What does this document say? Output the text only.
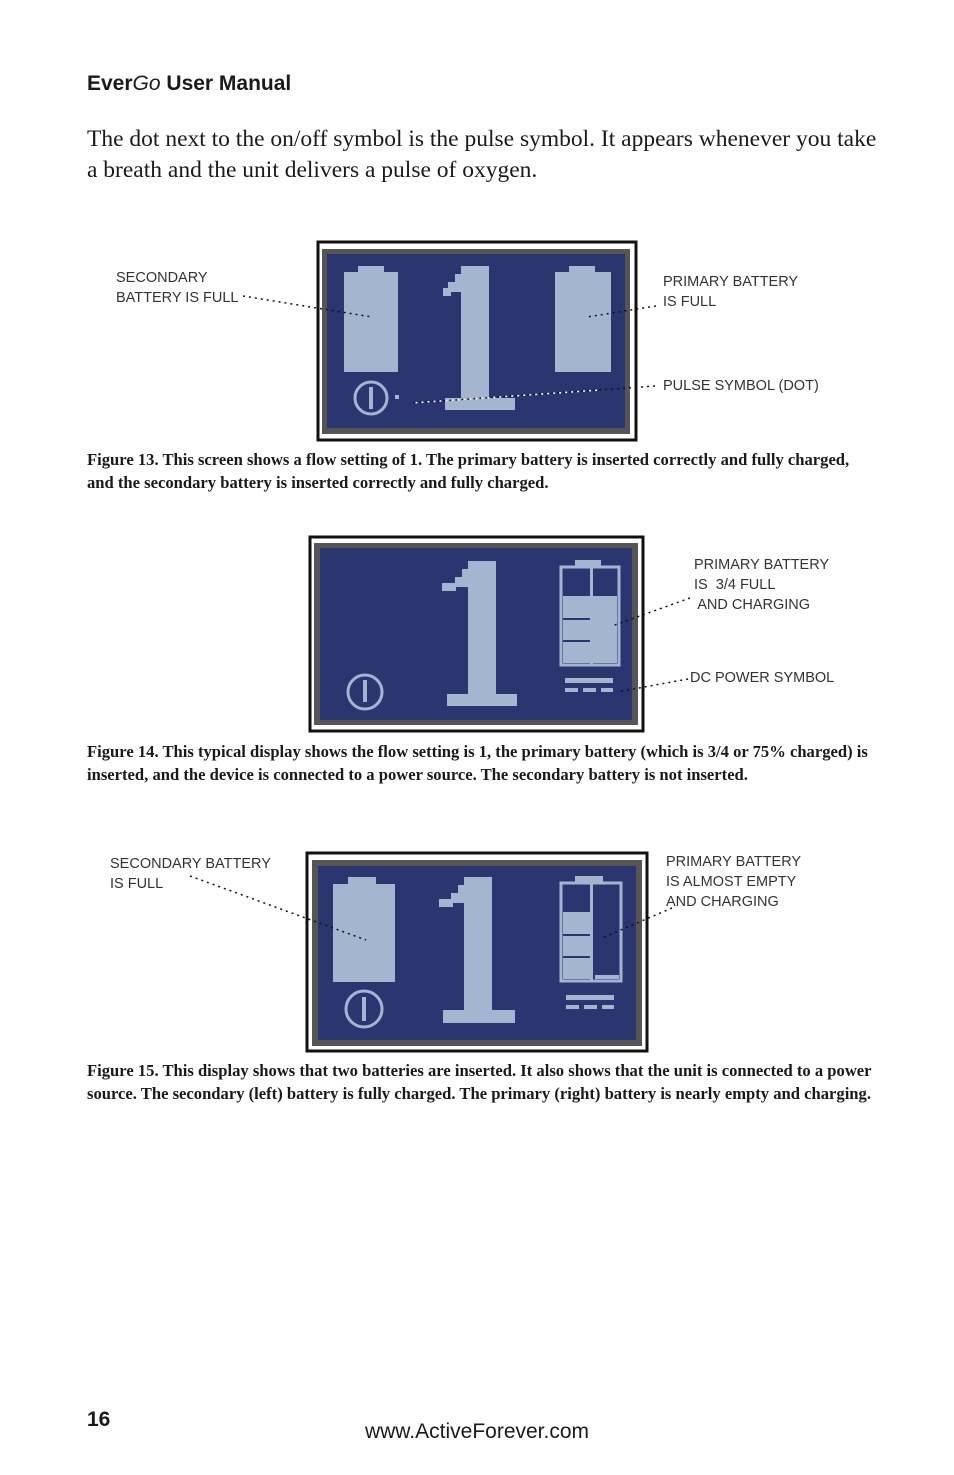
EverGo User Manual
The dot next to the on/off symbol is the pulse symbol. It appears whenever you take a breath and the unit delivers a pulse of oxygen.
SECONDARY
BATTERY IS FULL
PRIMARY BATTERY
IS FULL
PULSE SYMBOL (DOT)
Figure 13. This screen shows a flow setting of 1. The primary battery is inserted correctly and fully charged, and the secondary battery is inserted correctly and fully charged.
PRIMARY BATTERY
IS  3/4 FULL
AND CHARGING
DC POWER SYMBOL
Figure 14. This typical display shows the flow setting is 1, the primary battery (which is 3/4 or 75% charged) is inserted, and the device is connected to a power source. The secondary battery is not inserted.
SECONDARY BATTERY
IS FULL
PRIMARY BATTERY
IS ALMOST EMPTY
AND CHARGING
Figure 15. This display shows that two batteries are inserted. It also shows that the unit is connected to a power source. The secondary (left) battery is fully charged. The primary (right) battery is nearly empty and charging.
16
www.ActiveForever.com
